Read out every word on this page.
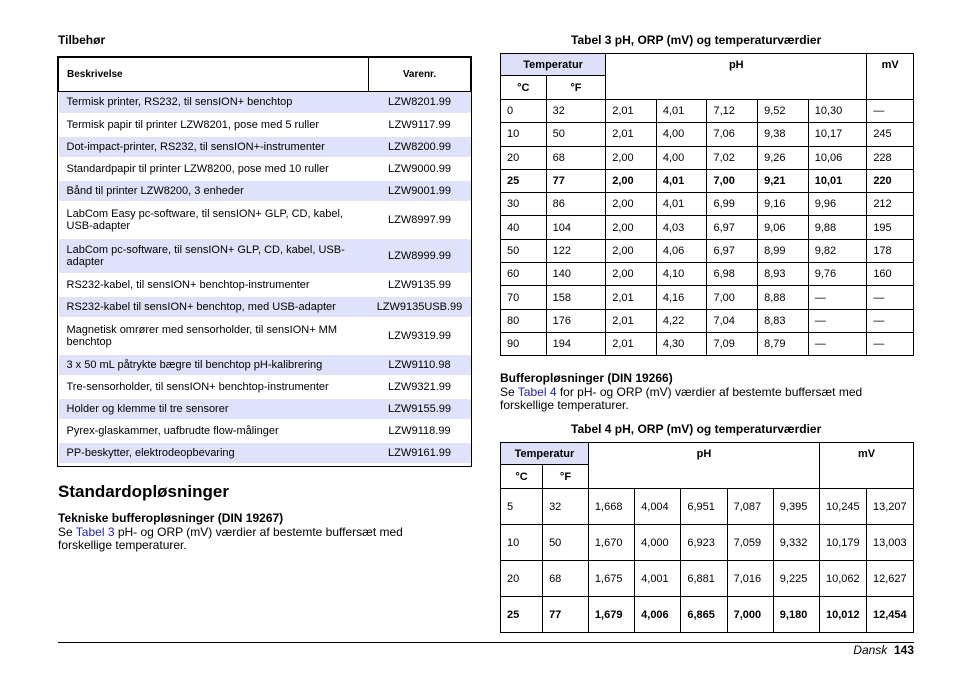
Tilbehør
Beskrivelse	Varenr.
Termisk printer, RS232, til sensION+ benchtop	LZW8201.99
Termisk papir til printer LZW8201, pose med 5 ruller	LZW9117.99
Dot-impact-printer, RS232, til sensION+-instrumenter	LZW8200.99
Standardpapir til printer LZW8200, pose med 10 ruller	LZW9000.99
Bånd til printer LZW8200, 3 enheder	LZW9001.99
LabCom Easy pc-software, til sensION+ GLP, CD, kabel, USB-adapter	LZW8997.99
LabCom pc-software, til sensION+ GLP, CD, kabel, USB-adapter	LZW8999.99
RS232-kabel, til sensION+ benchtop-instrumenter	LZW9135.99
RS232-kabel til sensION+ benchtop, med USB-adapter	LZW9135USB.99
Magnetisk omrører med sensorholder, til sensION+ MM benchtop	LZW9319.99
3 x 50 mL påtrykte bægre til benchtop pH-kalibrering	LZW9110.98
Tre-sensorholder, til sensION+ benchtop-instrumenter	LZW9321.99
Holder og klemme til tre sensorer	LZW9155.99
Pyrex-glaskammer, uafbrudte flow-målinger	LZW9118.99
PP-beskytter, elektrodeopbevaring	LZW9161.99
Standardopløsninger
Tekniske bufferopløsninger (DIN 19267)

Se Tabel 3 pH- og ORP (mV) værdier af bestemte buffersæt med forskellige temperaturer.

Tabel 3 pH, ORP (mV) og temperaturværdier
Temperatur		pH					mV
°C	°F						
0	32	2,01	4,01	7,12	9,52	10,30	—
10	50	2,01	4,00	7,06	9,38	10,17	245
20	68	2,00	4,00	7,02	9,26	10,06	228
25	77	2,00	4,01	7,00	9,21	10,01	220
30	86	2,00	4,01	6,99	9,16	9,96	212
40	104	2,00	4,03	6,97	9,06	9,88	195
50	122	2,00	4,06	6,97	8,99	9,82	178
60	140	2,00	4,10	6,98	8,93	9,76	160
70	158	2,01	4,16	7,00	8,88	—	—
80	176	2,01	4,22	7,04	8,83	—	—
90	194	2,01	4,30	7,09	8,79	—	—
Bufferopløsninger (DIN 19266)

Se Tabel 4 for pH- og ORP (mV) værdier af bestemte buffersæt med forskellige temperaturer.

Tabel 4 pH, ORP (mV) og temperaturværdier
Temperatur		pH					mV	
°C	°F							
5	32	1,668	4,004	6,951	7,087	9,395	10,245	13,207
10	50	1,670	4,000	6,923	7,059	9,332	10,179	13,003
20	68	1,675	4,001	6,881	7,016	9,225	10,062	12,627
25	77	1,679	4,006	6,865	7,000	9,180	10,012	12,454
Dansk 143
